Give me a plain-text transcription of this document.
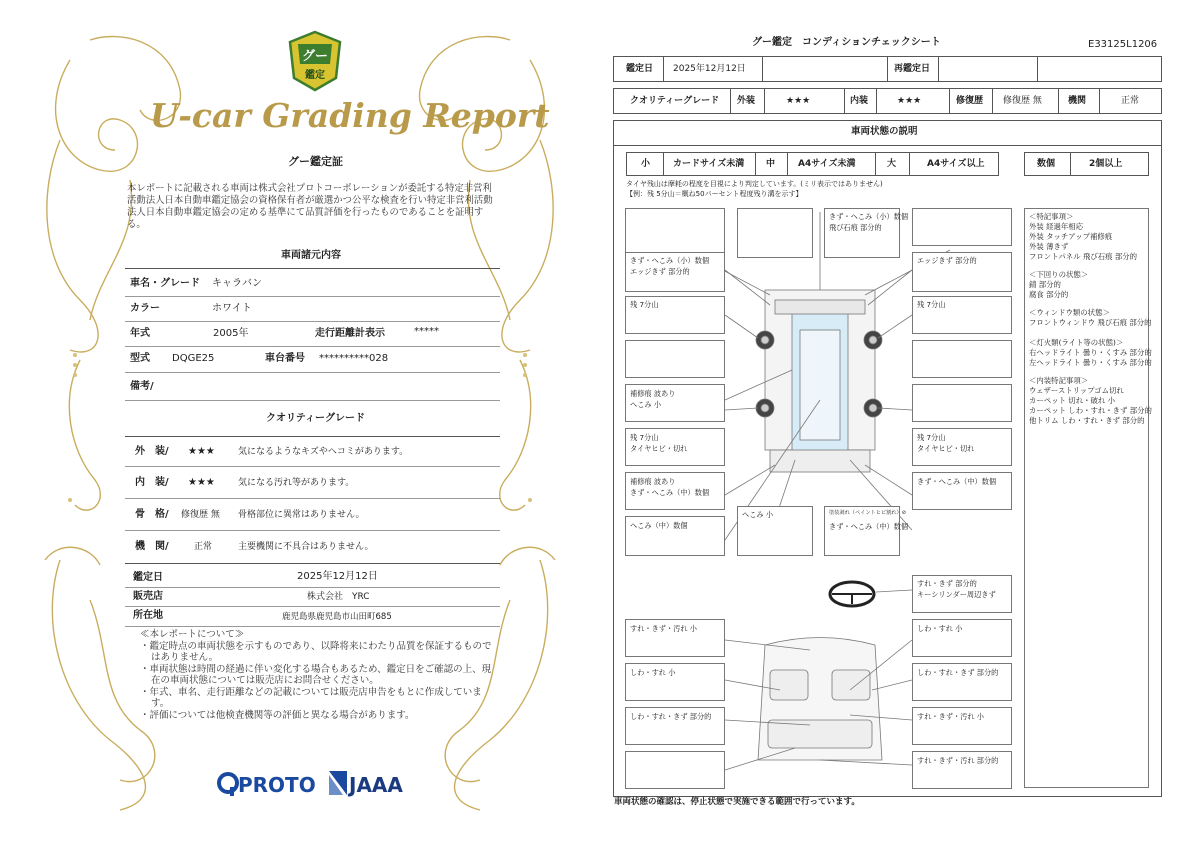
グー
鑑定
U-car Grading Report
グー鑑定証
本レポートに記載される車両は株式会社プロトコーポレーションが委託する特定非営利活動法人日本自動車鑑定協会の資格保有者が厳選かつ公平な検査を行い特定非営利活動法人日本自動車鑑定協会の定める基準にて品質評価を行ったものであることを証明する。
車両諸元内容
車名・グレード キャラバン
カラー	ホワイト
年式	2005年	走行距離計表示	*****
型式 DQGE25	車台番号 **********028
備考/
クオリティーグレード
外　装/ ★★★	気になるようなキズやヘコミがあります。
内　装/ ★★★	気になる汚れ等があります。
骨　格/ 修復歴 無 骨格部位に異常はありません。
機　関/	正常	主要機関に不具合はありません。
鑑定日	2025年12月12日
販売店	株式会社　YRC
所在地	鹿児島県鹿児島市山田町685
≪本レポートについて≫
・鑑定時点の車両状態を示すものであり、以降将来にわたり品質を保証するものではありません。
・車両状態は時間の経過に伴い変化する場合もあるため、鑑定日をご確認の上、現在の車両状態については販売店にお問合せください。
・年式、車名、走行距離などの記載については販売店申告をもとに作成しています。
・評価については他検査機関等の評価と異なる場合があります。
PROTO JAAA
グー鑑定　コンディションチェックシート	E33125L1206
鑑定日 2025年12月12日	再鑑定日
クオリティーグレード 外装	★★★	内装	★★★	修復歴 修復歴 無	機関	正常
車両状態の説明
小	カードサイズ未満 中	A4サイズ未満	大	A4サイズ以上	数個	2個以上
タイヤ残山は摩耗の程度を目視により判定しています。(ミリ表示ではありません)
【例：残 5分山＝概ね50パーセント程度残り溝を示す】
きず・へこみ（小）数個
飛び石痕 部分的
きず・へこみ（小）数個
エッジきず 部分的
エッジきず 部分的
残 7分山	残 7分山
補修痕 波あり
へこみ 小
残 7分山
タイヤヒビ・切れ
残 7分山
タイヤヒビ・切れ
補修痕 波あり
きず・へこみ（中）数個
きず・へこみ（中）数個
へこみ（中）数個
へこみ 小	塗装剥れ（ペイントヒビ割れ）⊘
きず・へこみ（中）数個
すれ・きず 部分的
キーシリンダー周辺きず
すれ・きず・汚れ 小	しわ・すれ 小
しわ・すれ 小	しわ・すれ・きず 部分的
しわ・すれ・きず 部分的	すれ・きず・汚れ 小
すれ・きず・汚れ 部分的
＜特記事項＞
外装 経過年相応
外装 タッチアップ補修痕
外装 薄きず
フロントパネル 飛び石痕 部分的
＜下回りの状態＞
錆 部分的
腐食 部分的
＜ウィンドウ類の状態＞
フロントウィンドウ 飛び石痕 部分的
＜灯火類(ライト等の状態)＞
右ヘッドライト 曇り・くすみ 部分的
左ヘッドライト 曇り・くすみ 部分的
＜内装特記事項＞
ウェザーストリップゴム切れ
カーペット 切れ・破れ 小
カーペット しわ・すれ・きず 部分的
他トリム しわ・すれ・きず 部分的
車両状態の確認は、停止状態で実施できる範囲で行っています。
